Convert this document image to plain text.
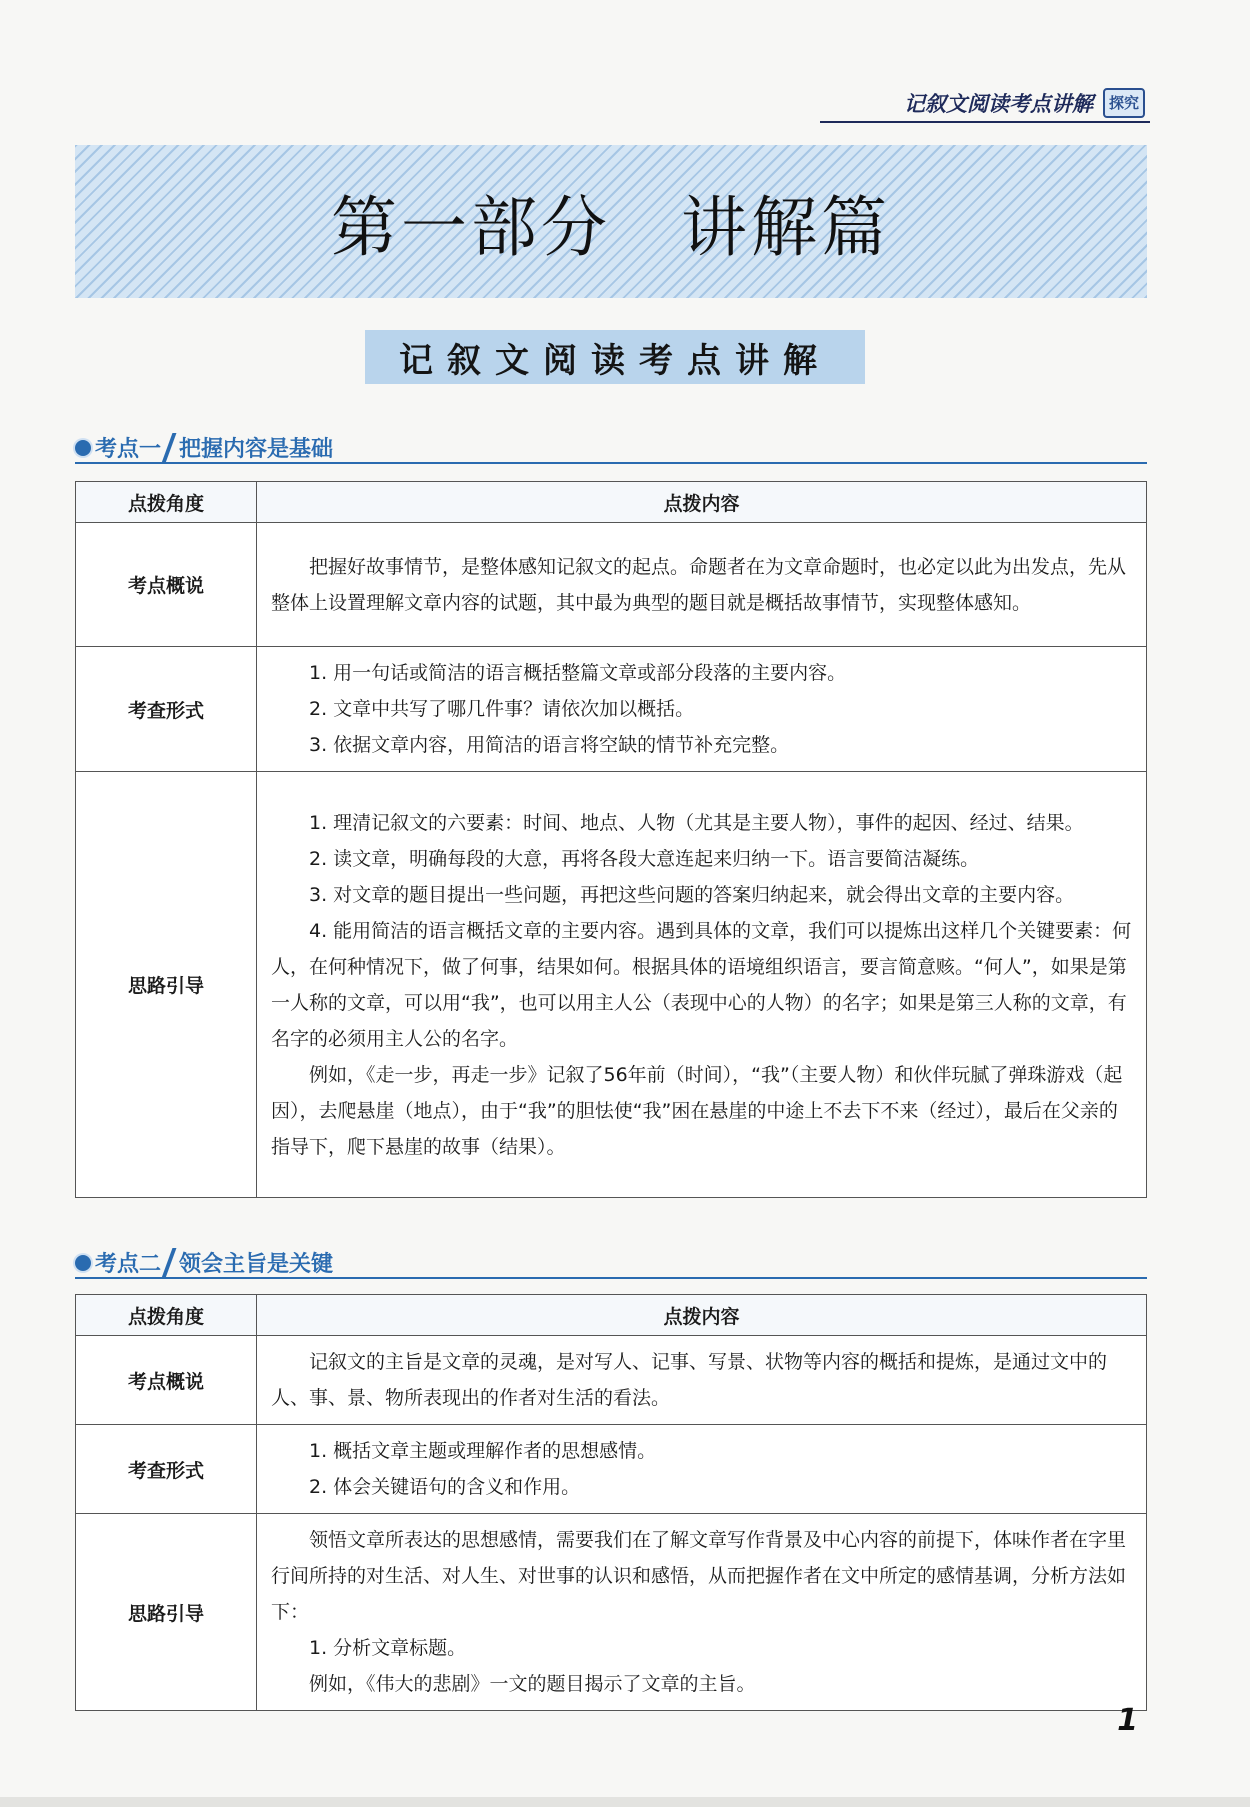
记叙文阅读考点讲解	探究
第一部分　讲解篇
记叙文阅读考点讲解
考点一 把握内容是基础
点拨角度	点拨内容
考点概说	把握好故事情节，是整体感知记叙文的起点。命题者在为文章命题时，也必定以此为出发点，先从整体上设置理解文章内容的试题，其中最为典型的题目就是概括故事情节，实现整体感知。

考查形式	1. 用一句话或简洁的语言概括整篇文章或部分段落的主要内容。

2. 文章中共写了哪几件事？请依次加以概括。

3. 依据文章内容，用简洁的语言将空缺的情节补充完整。

思路引导	1. 理清记叙文的六要素：时间、地点、人物（尤其是主要人物），事件的起因、经过、结果。

2. 读文章，明确每段的大意，再将各段大意连起来归纳一下。语言要简洁凝练。

3. 对文章的题目提出一些问题，再把这些问题的答案归纳起来，就会得出文章的主要内容。

4. 能用简洁的语言概括文章的主要内容。遇到具体的文章，我们可以提炼出这样几个关键要素：何人，在何种情况下，做了何事，结果如何。根据具体的语境组织语言，要言简意赅。“何人”，如果是第一人称的文章，可以用“我”，也可以用主人公（表现中心的人物）的名字；如果是第三人称的文章，有名字的必须用主人公的名字。

例如，《走一步，再走一步》记叙了56年前（时间），“我”（主要人物）和伙伴玩腻了弹珠游戏（起因），去爬悬崖（地点），由于“我”的胆怯使“我”困在悬崖的中途上不去下不来（经过），最后在父亲的指导下，爬下悬崖的故事（结果）。

考点二 领会主旨是关键
点拨角度	点拨内容
考点概说	记叙文的主旨是文章的灵魂，是对写人、记事、写景、状物等内容的概括和提炼，是通过文中的人、事、景、物所表现出的作者对生活的看法。

考查形式	1. 概括文章主题或理解作者的思想感情。

2. 体会关键语句的含义和作用。

思路引导	领悟文章所表达的思想感情，需要我们在了解文章写作背景及中心内容的前提下，体味作者在字里行间所持的对生活、对人生、对世事的认识和感悟，从而把握作者在文中所定的感情基调，分析方法如下：

1. 分析文章标题。

例如，《伟大的悲剧》一文的题目揭示了文章的主旨。

1
